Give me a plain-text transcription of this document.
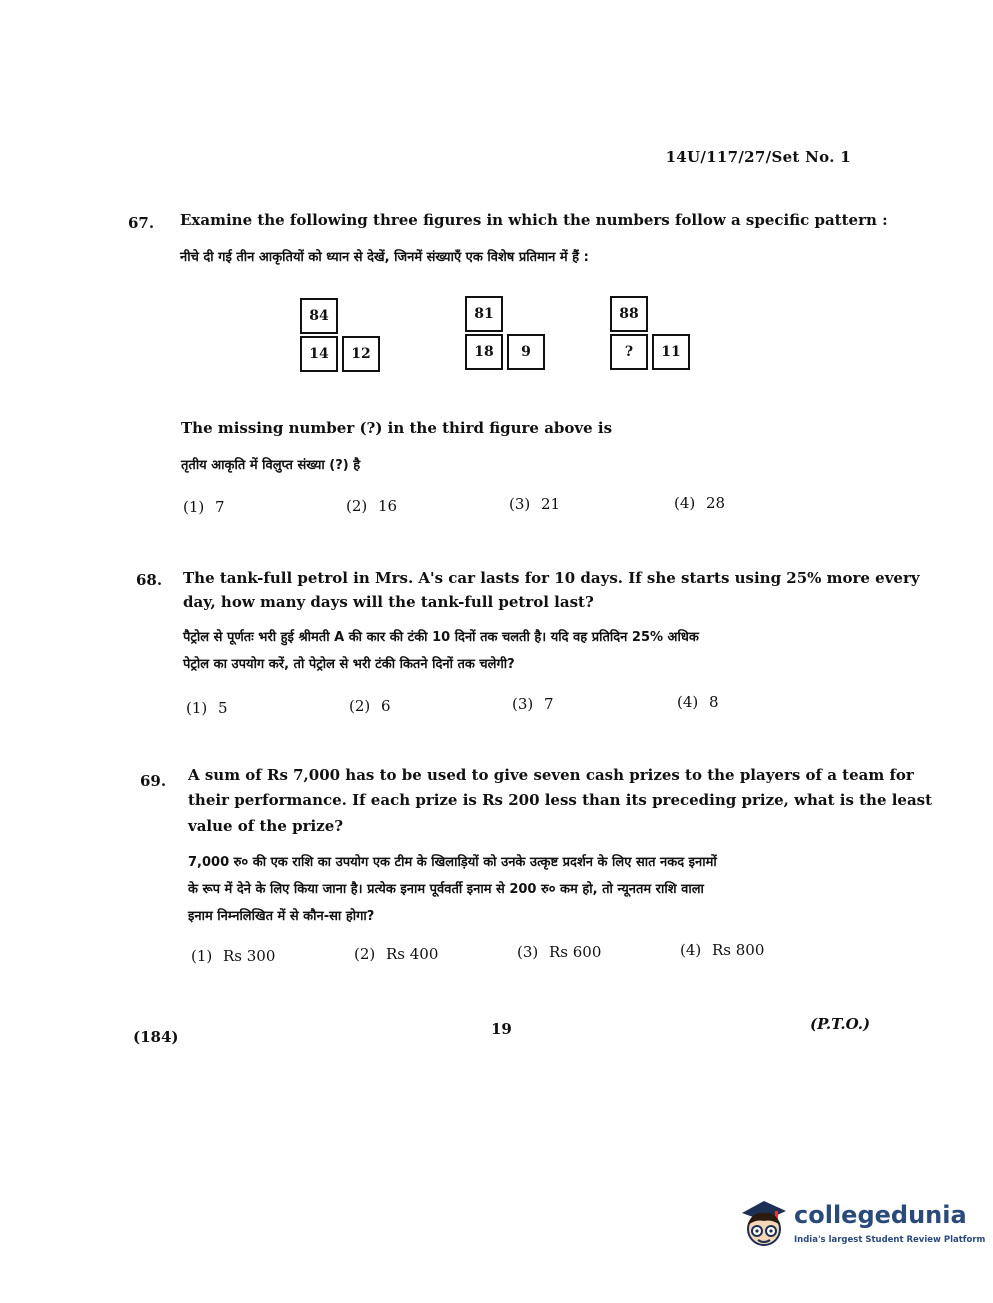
14U/117/27/Set No. 1
67. Examine the following three figures in which the numbers follow a specific pattern :
नीचे दी गई तीन आकृतियों को ध्यान से देखें, जिनमें संख्याएँ एक विशेष प्रतिमान में हैं :
84
14	12
81
18	9
88
?	11
The missing number (?) in the third figure above is
तृतीय आकृति में विलुप्त संख्या (?) है
(1) 7	(2) 16	(3) 21	(4) 28
68. The tank-full petrol in Mrs. A's car lasts for 10 days. If she starts using 25% more every
day, how many days will the tank-full petrol last?
पैट्रोल से पूर्णतः भरी हुई श्रीमती A की कार की टंकी 10 दिनों तक चलती है। यदि वह प्रतिदिन 25% अधिक
पेट्रोल का उपयोग करें, तो पेट्रोल से भरी टंकी कितने दिनों तक चलेगी?
(1) 5	(2) 6	(3) 7	(4) 8
69. A sum of Rs 7,000 has to be used to give seven cash prizes to the players of a team for
their performance. If each prize is Rs 200 less than its preceding prize, what is the least
value of the prize?
7,000 रु० की एक राशि का उपयोग एक टीम के खिलाड़ियों को उनके उत्कृष्ट प्रदर्शन के लिए सात नकद इनामों
के रूप में देने के लिए किया जाना है। प्रत्येक इनाम पूर्ववर्ती इनाम से 200 रु० कम हो, तो न्यूनतम राशि वाला
इनाम निम्नलिखित में से कौन-सा होगा?
(1) Rs 300	(2) Rs 400	(3) Rs 600	(4) Rs 800
(184)	19	(P.T.O.)
collegedunia
India's largest Student Review Platform
